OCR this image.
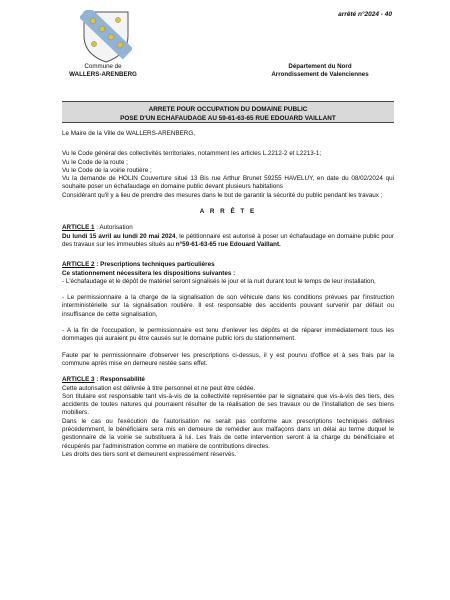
arrêté n°2024 - 40
Commune de
WALLERS-ARENBERG
Département du Nord
Arrondissement de Valenciennes
ARRETE POUR OCCUPATION DU DOMAINE PUBLIC
POSE D'UN ECHAFAUDAGE AU 59-61-63-65 RUE EDOUARD VAILLANT

Le Maire de la Ville de WALLERS-ARENBERG,

Vu le Code général des collectivités territoriales, notamment les articles L.2212-2 et L2213-1;

Vu le Code de la route ;

Vu le Code de la voirie routière ;

Vu la demande de HOLIN Couverture situé 13 Bis rue Arthur Brunet 59255 HAVELUY, en date du 08/02/2024 qui souhaite poser un échafaudage en domaine public devant plusieurs habitations

Considérant qu'il y a lieu de prendre des mesures dans le but de garantir la sécurité du public pendant les travaux ;

A R R Ê T E

ARTICLE 1 : Autorisation

Du lundi 15 avril au lundi 20 mai 2024, le pétitionnaire est autorisé à poser un échafaudage en domaine public pour des travaux sur les immeubles situés au n°59-61-63-65 rue Edouard Vaillant.

ARTICLE 2 : Prescriptions techniques particulières

Ce stationnement nécessitera les dispositions suivantes :

- L'échafaudage et le dépôt de matériel seront signalisés le jour et la nuit durant tout le temps de leur installation,

- Le permissionnaire a la charge de la signalisation de son véhicule dans les conditions prévues par l'instruction interministérielle sur la signalisation routière. Il est responsable des accidents pouvant survenir par défaut ou insuffisance de cette signalisation,

- A la fin de l'occupation, le permissionnaire est tenu d'enlever les dépôts et de réparer immédiatement tous les dommages qui auraient pu être causés sur le domaine public lors du stationnement.

Faute par le permissionnaire d'observer les prescriptions ci-dessus, il y est pourvu d'office et à ses frais par la commune après mise en demeure restée sans effet.

ARTICLE 3 : Responsabilité

Cette autorisation est délivrée à titre personnel et ne peut être cédée.

Son titulaire est responsable tant vis-à-vis de la collectivité représentée par le signataire que vis-à-vis des tiers, des accidents de toutes natures qui pourraient résulter de la réalisation de ses travaux ou de l'installation de ses biens mobiliers.

Dans le cas ou l'exécution de l'autorisation ne serait pas conforme aux prescriptions techniques définies précédemment, le bénéficiaire sera mis en demeure de remédier aux malfaçons dans un délai au terme duquel le gestionnaire de la voirie se substituera à lui. Les frais de cette intervention seront à la charge du bénéficiaire et récupérés par l'administration comme en matière de contributions directes.

Les droits des tiers sont et demeurent expressément réservés.
